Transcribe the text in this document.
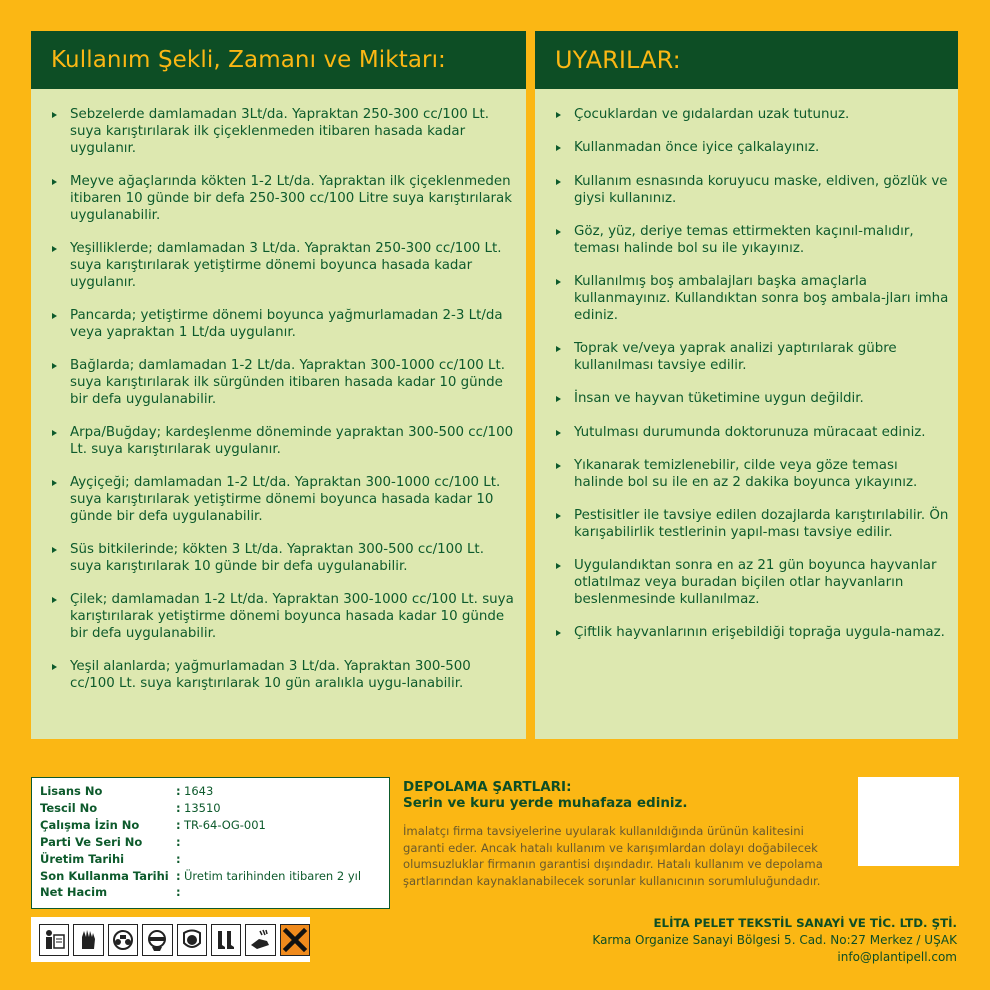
Kullanım Şekli, Zamanı ve Miktarı:
Sebzelerde damlamadan 3Lt/da. Yapraktan 250-300 cc/100 Lt. suya karıştırılarak ilk çiçeklenmeden itibaren hasada kadar uygulanır.
Meyve ağaçlarında kökten 1-2 Lt/da. Yapraktan ilk çiçeklenmeden itibaren 10 günde bir defa 250-300 cc/100 Litre suya karıştırılarak uygulanabilir.
Yeşilliklerde; damlamadan 3 Lt/da. Yapraktan 250-300 cc/100 Lt. suya karıştırılarak yetiştirme dönemi boyunca hasada kadar uygulanır.
Pancarda; yetiştirme dönemi boyunca yağmurlamadan 2-3 Lt/da veya yapraktan 1 Lt/da uygulanır.
Bağlarda; damlamadan 1-2 Lt/da. Yapraktan 300-1000 cc/100 Lt. suya karıştırılarak ilk sürgünden itibaren hasada kadar 10 günde bir defa uygulanabilir.
Arpa/Buğday; kardeşlenme döneminde yapraktan 300-500 cc/100 Lt. suya karıştırılarak uygulanır.
Ayçiçeği; damlamadan 1-2 Lt/da. Yapraktan 300-1000 cc/100 Lt. suya karıştırılarak yetiştirme dönemi boyunca hasada kadar 10 günde bir defa uygulanabilir.
Süs bitkilerinde; kökten 3 Lt/da. Yapraktan 300-500 cc/100 Lt. suya karıştırılarak 10 günde bir defa uygulanabilir.
Çilek; damlamadan 1-2 Lt/da. Yapraktan 300-1000 cc/100 Lt. suya karıştırılarak yetiştirme dönemi boyunca hasada kadar 10 günde bir defa uygulanabilir.
Yeşil alanlarda; yağmurlamadan 3 Lt/da. Yapraktan 300-500 cc/100 Lt. suya karıştırılarak 10 gün aralıkla uygu-lanabilir.
UYARILAR:
Çocuklardan ve gıdalardan uzak tutunuz.
Kullanmadan önce iyice çalkalayınız.
Kullanım esnasında koruyucu maske, eldiven, gözlük ve giysi kullanınız.
Göz, yüz, deriye temas ettirmekten kaçınıl-malıdır, teması halinde bol su ile yıkayınız.
Kullanılmış boş ambalajları başka amaçlarla kullanmayınız. Kullandıktan sonra boş ambala-jları imha ediniz.
Toprak ve/veya yaprak analizi yaptırılarak gübre kullanılması tavsiye edilir.
İnsan ve hayvan tüketimine uygun değildir.
Yutulması durumunda doktorunuza müracaat ediniz.
Yıkanarak temizlenebilir, cilde veya göze teması halinde bol su ile en az 2 dakika boyunca yıkayınız.
Pestisitler ile tavsiye edilen dozajlarda karıştırılabilir. Ön karışabilirlik testlerinin yapıl-ması tavsiye edilir.
Uygulandıktan sonra en az 21 gün boyunca hayvanlar otlatılmaz veya buradan biçilen otlar hayvanların beslenmesinde kullanılmaz.
Çiftlik hayvanlarının erişebildiği toprağa uygula-namaz.
Lisans No	: 1643
Tescil No	: 13510
Çalışma İzin No	: TR-64-OG-001
Parti Ve Seri No	:
Üretim Tarihi	:
Son Kullanma Tarihi : Üretim tarihinden itibaren 2 yıl
Net Hacim	:
DEPOLAMA ŞARTLARI:
Serin ve kuru yerde muhafaza ediniz.
İmalatçı firma tavsiyelerine uyularak kullanıldığında ürünün kalitesini garanti eder. Ancak hatalı kullanım ve karışımlardan dolayı doğabilecek olumsuzluklar firmanın garantisi dışındadır. Hatalı kullanım ve depolama şartlarından kaynaklanabilecek sorunlar kullanıcının sorumluluğundadır.
ELİTA PELET TEKSTİL SANAYİ VE TİC. LTD. ŞTİ.
Karma Organize Sanayi Bölgesi 5. Cad. No:27 Merkez / UŞAK
info@plantipell.com
